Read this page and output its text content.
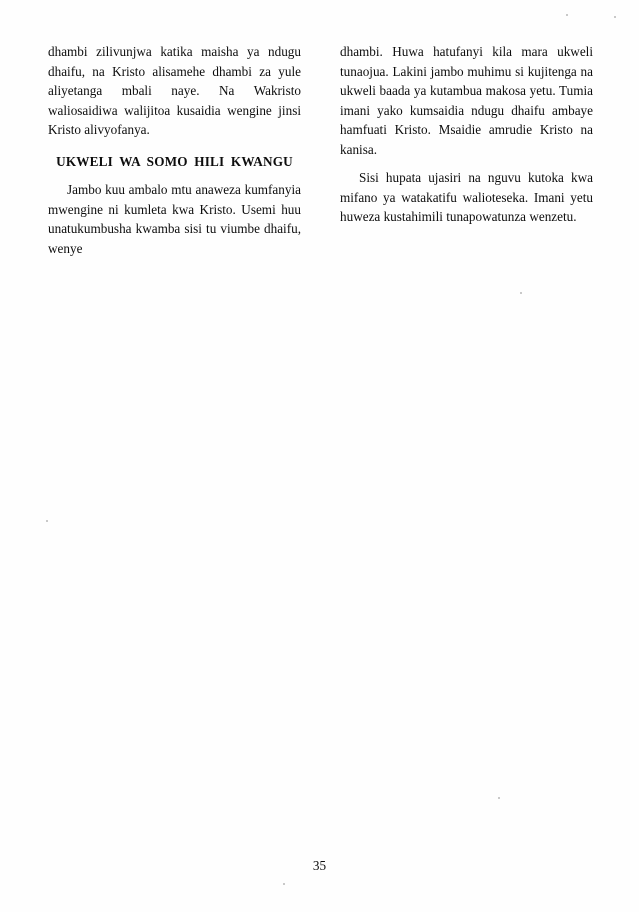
dhambi zilivunjwa katika maisha ya ndugu dhaifu, na Kristo alisamehe dhambi za yule aliyetanga mbali naye. Na Wakristo waliosaidiwa walijitoa kusaidia wengine jinsi Kristo alivyofanya.

UKWELI WA SOMO HILI KWANGU

Jambo kuu ambalo mtu anaweza kumfanyia mwengine ni kumleta kwa Kristo. Usemi huu unatukumbusha kwamba sisi tu viumbe dhaifu, wenye

dhambi. Huwa hatufanyi kila mara ukweli tunaojua. Lakini jambo muhimu si kujitenga na ukweli baada ya kutambua makosa yetu. Tumia imani yako kumsaidia ndugu dhaifu ambaye hamfuati Kristo. Msaidie amrudie Kristo na kanisa.

Sisi hupata ujasiri na nguvu kutoka kwa mifano ya watakatifu walioteseka. Imani yetu huweza kustahimili tunapowatunza wenzetu.

35
